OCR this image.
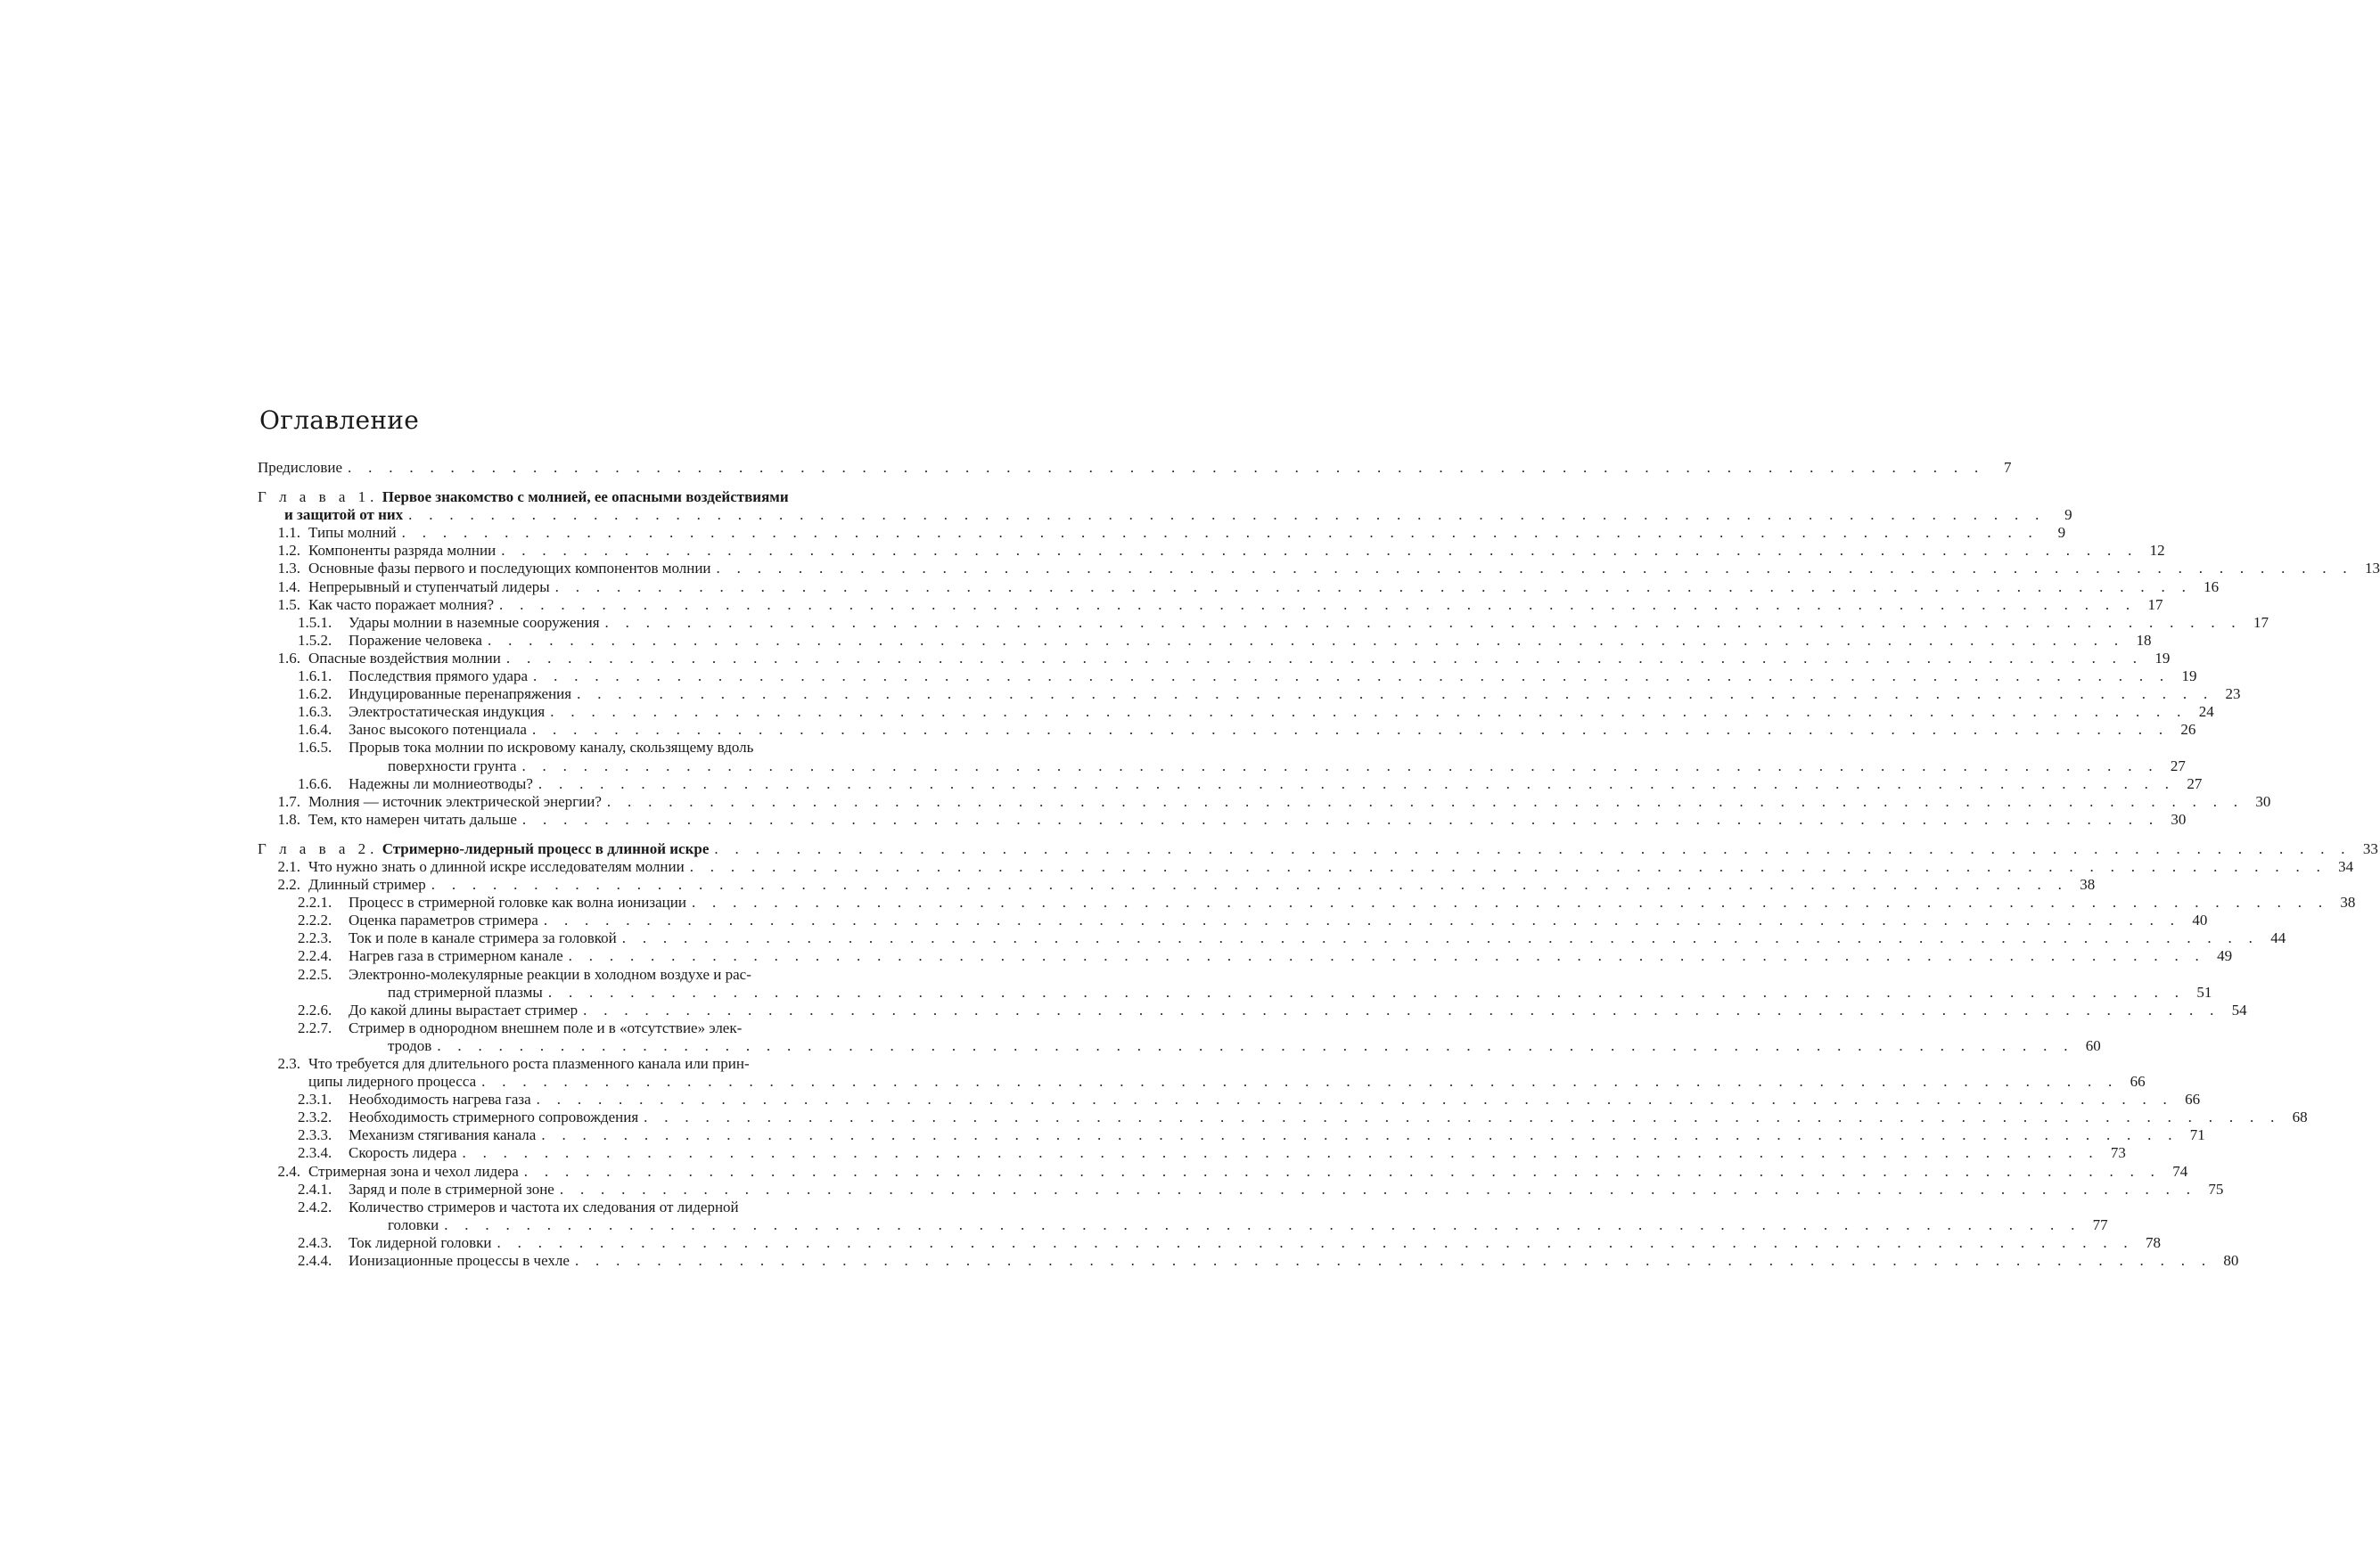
Оглавление
Предисловие . . . . . . . . . . . . . . . . . . . . . . . . . . . . . . . . . . . . . . . . . . . . . . . . . . . . . . . . . . . . . . . . . . . . . . . . . . . . . . . .	7
Г л а в а 1.
Первое знакомство с молнией, ее опасными воздействиями
и защитой от них . . . . . . . . . . . . . . . . . . . . . . . . . . . . . . . . . . . . . . . . . . . . . . . . . . . . . . . . . . . . . . . . . . . . . . . . . . . . . . . .	9
1.1. Типы молний . . . . . . . . . . . . . . . . . . . . . . . . . . . . . . . . . . . . . . . . . . . . . . . . . . . . . . . . . . . . . . . . . . . . . . . . . . . . . . . .	9
1.2. Компоненты разряда молнии . . . . . . . . . . . . . . . . . . . . . . . . . . . . . . . . . . . . . . . . . . . . . . . . . . . . . . . . . . . . . . . . . . . . . . . . . . . . . . . . 12
1.3. Основные фазы первого и последующих компонентов молнии . . . . . . . . . . . . . . . . . . . . . . . . . . . . . . . . . . . . . . . . . . . . . . . . . . . . . . . . . . . . . . . . . . . . . . . . . . . . . . . . 13
1.4. Непрерывный и ступенчатый лидеры . . . . . . . . . . . . . . . . . . . . . . . . . . . . . . . . . . . . . . . . . . . . . . . . . . . . . . . . . . . . . . . . . . . . . . . . . . . . . . . . 16
1.5. Как часто поражает молния? . . . . . . . . . . . . . . . . . . . . . . . . . . . . . . . . . . . . . . . . . . . . . . . . . . . . . . . . . . . . . . . . . . . . . . . . . . . . . . . . 17
1.5.1.	Удары молнии в наземные сооружения . . . . . . . . . . . . . . . . . . . . . . . . . . . . . . . . . . . . . . . . . . . . . . . . . . . . . . . . . . . . . . . . . . . . . . . . . . . . . . . . 17
1.5.2.	Поражение человека . . . . . . . . . . . . . . . . . . . . . . . . . . . . . . . . . . . . . . . . . . . . . . . . . . . . . . . . . . . . . . . . . . . . . . . . . . . . . . . . 18
1.6. Опасные воздействия молнии . . . . . . . . . . . . . . . . . . . . . . . . . . . . . . . . . . . . . . . . . . . . . . . . . . . . . . . . . . . . . . . . . . . . . . . . . . . . . . . . 19
1.6.1.	Последствия прямого удара . . . . . . . . . . . . . . . . . . . . . . . . . . . . . . . . . . . . . . . . . . . . . . . . . . . . . . . . . . . . . . . . . . . . . . . . . . . . . . . . 19
1.6.2.	Индуцированные перенапряжения . . . . . . . . . . . . . . . . . . . . . . . . . . . . . . . . . . . . . . . . . . . . . . . . . . . . . . . . . . . . . . . . . . . . . . . . . . . . . . . . 23
1.6.3.	Электростатическая индукция . . . . . . . . . . . . . . . . . . . . . . . . . . . . . . . . . . . . . . . . . . . . . . . . . . . . . . . . . . . . . . . . . . . . . . . . . . . . . . . . 24
1.6.4.	Занос высокого потенциала . . . . . . . . . . . . . . . . . . . . . . . . . . . . . . . . . . . . . . . . . . . . . . . . . . . . . . . . . . . . . . . . . . . . . . . . . . . . . . . . 26
1.6.5.	Прорыв тока молнии по искровому каналу, скользящему вдоль
поверхности грунта . . . . . . . . . . . . . . . . . . . . . . . . . . . . . . . . . . . . . . . . . . . . . . . . . . . . . . . . . . . . . . . . . . . . . . . . . . . . . . . . 27
1.6.6.	Надежны ли молниеотводы? . . . . . . . . . . . . . . . . . . . . . . . . . . . . . . . . . . . . . . . . . . . . . . . . . . . . . . . . . . . . . . . . . . . . . . . . . . . . . . . . 27
1.7. Молния — источник электрической энергии? . . . . . . . . . . . . . . . . . . . . . . . . . . . . . . . . . . . . . . . . . . . . . . . . . . . . . . . . . . . . . . . . . . . . . . . . . . . . . . . . 30
1.8. Тем, кто намерен читать дальше . . . . . . . . . . . . . . . . . . . . . . . . . . . . . . . . . . . . . . . . . . . . . . . . . . . . . . . . . . . . . . . . . . . . . . . . . . . . . . . . 30
Г л а в а 2.
Стримерно-лидерный процесс в длинной искре . . . . . . . . . . . . . . . . . . . . . . . . . . . . . . . . . . . . . . . . . . . . . . . . . . . . . . . . . . . . . . . . . . . . . . . . . . . . . . . . 33
2.1. Что нужно знать о длинной искре исследователям молнии . . . . . . . . . . . . . . . . . . . . . . . . . . . . . . . . . . . . . . . . . . . . . . . . . . . . . . . . . . . . . . . . . . . . . . . . . . . . . . . . 34
2.2. Длинный стример . . . . . . . . . . . . . . . . . . . . . . . . . . . . . . . . . . . . . . . . . . . . . . . . . . . . . . . . . . . . . . . . . . . . . . . . . . . . . . . . 38
2.2.1.	Процесс в стримерной головке как волна ионизации . . . . . . . . . . . . . . . . . . . . . . . . . . . . . . . . . . . . . . . . . . . . . . . . . . . . . . . . . . . . . . . . . . . . . . . . . . . . . . . . 38
2.2.2.	Оценка параметров стримера . . . . . . . . . . . . . . . . . . . . . . . . . . . . . . . . . . . . . . . . . . . . . . . . . . . . . . . . . . . . . . . . . . . . . . . . . . . . . . . . 40
2.2.3.	Ток и поле в канале стримера за головкой . . . . . . . . . . . . . . . . . . . . . . . . . . . . . . . . . . . . . . . . . . . . . . . . . . . . . . . . . . . . . . . . . . . . . . . . . . . . . . . . 44
2.2.4.	Нагрев газа в стримерном канале . . . . . . . . . . . . . . . . . . . . . . . . . . . . . . . . . . . . . . . . . . . . . . . . . . . . . . . . . . . . . . . . . . . . . . . . . . . . . . . . 49
2.2.5.	Электронно-молекулярные реакции в холодном воздухе и рас-
пад стримерной плазмы . . . . . . . . . . . . . . . . . . . . . . . . . . . . . . . . . . . . . . . . . . . . . . . . . . . . . . . . . . . . . . . . . . . . . . . . . . . . . . . . 51
2.2.6.	До какой длины вырастает стример . . . . . . . . . . . . . . . . . . . . . . . . . . . . . . . . . . . . . . . . . . . . . . . . . . . . . . . . . . . . . . . . . . . . . . . . . . . . . . . . 54
2.2.7.	Стример в однородном внешнем поле и в «отсутствие» элек-
тродов . . . . . . . . . . . . . . . . . . . . . . . . . . . . . . . . . . . . . . . . . . . . . . . . . . . . . . . . . . . . . . . . . . . . . . . . . . . . . . . . 60
2.3. Что требуется для длительного роста плазменного канала или прин-
ципы лидерного процесса . . . . . . . . . . . . . . . . . . . . . . . . . . . . . . . . . . . . . . . . . . . . . . . . . . . . . . . . . . . . . . . . . . . . . . . . . . . . . . . . 66
2.3.1.	Необходимость нагрева газа . . . . . . . . . . . . . . . . . . . . . . . . . . . . . . . . . . . . . . . . . . . . . . . . . . . . . . . . . . . . . . . . . . . . . . . . . . . . . . . . 66
2.3.2.	Необходимость стримерного сопровождения . . . . . . . . . . . . . . . . . . . . . . . . . . . . . . . . . . . . . . . . . . . . . . . . . . . . . . . . . . . . . . . . . . . . . . . . . . . . . . . . 68
2.3.3.	Механизм стягивания канала . . . . . . . . . . . . . . . . . . . . . . . . . . . . . . . . . . . . . . . . . . . . . . . . . . . . . . . . . . . . . . . . . . . . . . . . . . . . . . . . 71
2.3.4.	Скорость лидера . . . . . . . . . . . . . . . . . . . . . . . . . . . . . . . . . . . . . . . . . . . . . . . . . . . . . . . . . . . . . . . . . . . . . . . . . . . . . . . . 73
2.4. Стримерная зона и чехол лидера . . . . . . . . . . . . . . . . . . . . . . . . . . . . . . . . . . . . . . . . . . . . . . . . . . . . . . . . . . . . . . . . . . . . . . . . . . . . . . . . 74
2.4.1.	Заряд и поле в стримерной зоне . . . . . . . . . . . . . . . . . . . . . . . . . . . . . . . . . . . . . . . . . . . . . . . . . . . . . . . . . . . . . . . . . . . . . . . . . . . . . . . . 75
2.4.2.	Количество стримеров и частота их следования от лидерной
головки . . . . . . . . . . . . . . . . . . . . . . . . . . . . . . . . . . . . . . . . . . . . . . . . . . . . . . . . . . . . . . . . . . . . . . . . . . . . . . . . 77
2.4.3.	Ток лидерной головки . . . . . . . . . . . . . . . . . . . . . . . . . . . . . . . . . . . . . . . . . . . . . . . . . . . . . . . . . . . . . . . . . . . . . . . . . . . . . . . . 78
2.4.4.	Ионизационные процессы в чехле . . . . . . . . . . . . . . . . . . . . . . . . . . . . . . . . . . . . . . . . . . . . . . . . . . . . . . . . . . . . . . . . . . . . . . . . . . . . . . . . 80
